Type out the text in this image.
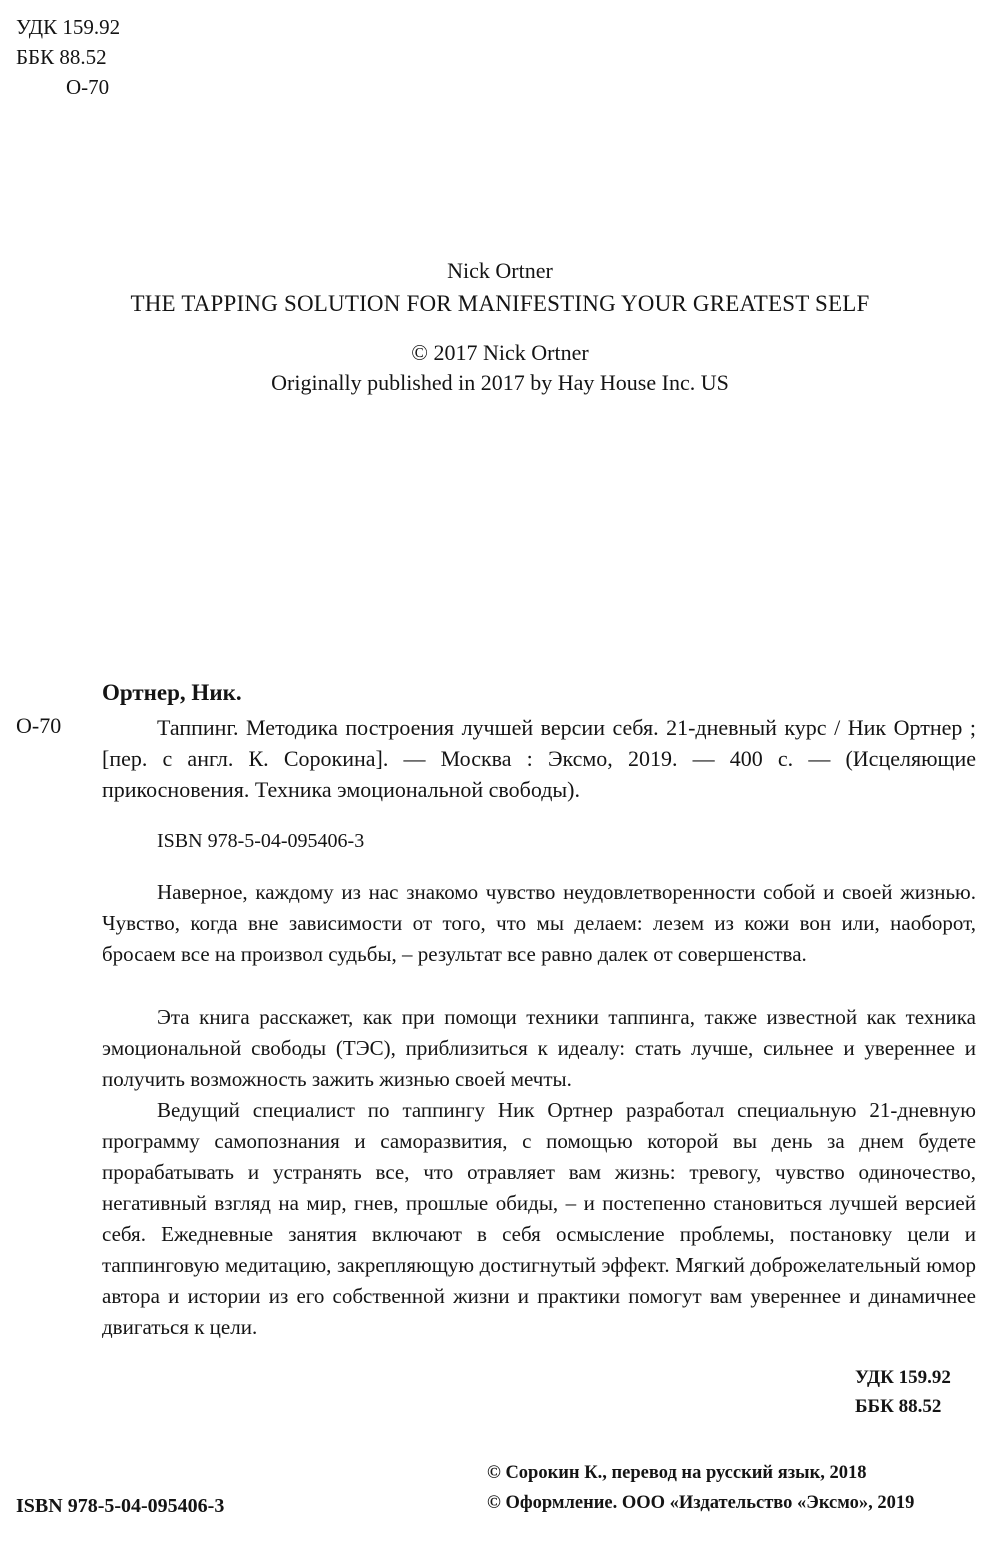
УДК 159.92
ББК 88.52
О-70
Nick Ortner
THE TAPPING SOLUTION FOR MANIFESTING YOUR GREATEST SELF
© 2017 Nick Ortner
Originally published in 2017 by Hay House Inc. US
Ортнер, Ник.
О-70	Таппинг. Методика построения лучшей версии себя. 21-дневный курс / Ник Ортнер ; [пер. с англ. К. Сорокина]. — Москва : Эксмо, 2019. — 400 с. — (Исцеляющие прикосновения. Техника эмоциональной свободы).

ISBN 978-5-04-095406-3

Наверное, каждому из нас знакомо чувство неудовлетворенности собой и своей жизнью. Чувство, когда вне зависимости от того, что мы делаем: лезем из кожи вон или, наоборот, бросаем все на произвол судьбы, – результат все равно далек от совершенства.

Эта книга расскажет, как при помощи техники таппинга, также известной как техника эмоциональной свободы (ТЭС), приблизиться к идеалу: стать лучше, сильнее и увереннее и получить возможность зажить жизнью своей мечты.

Ведущий специалист по таппингу Ник Ортнер разработал специальную 21-дневную программу самопознания и саморазвития, с помощью которой вы день за днем будете прорабатывать и устранять все, что отравляет вам жизнь: тревогу, чувство одиночество, негативный взгляд на мир, гнев, прошлые обиды, – и постепенно становиться лучшей версией себя. Ежедневные занятия включают в себя осмысление проблемы, постановку цели и таппинговую медитацию, закрепляющую достигнутый эффект. Мягкий доброжелательный юмор автора и истории из его собственной жизни и практики помогут вам увереннее и динамичнее двигаться к цели.

УДК 159.92
ББК 88.52
ISBN 978-5-04-095406-3
© Сорокин К., перевод на русский язык, 2018
© Оформление. ООО «Издательство «Эксмо», 2019
